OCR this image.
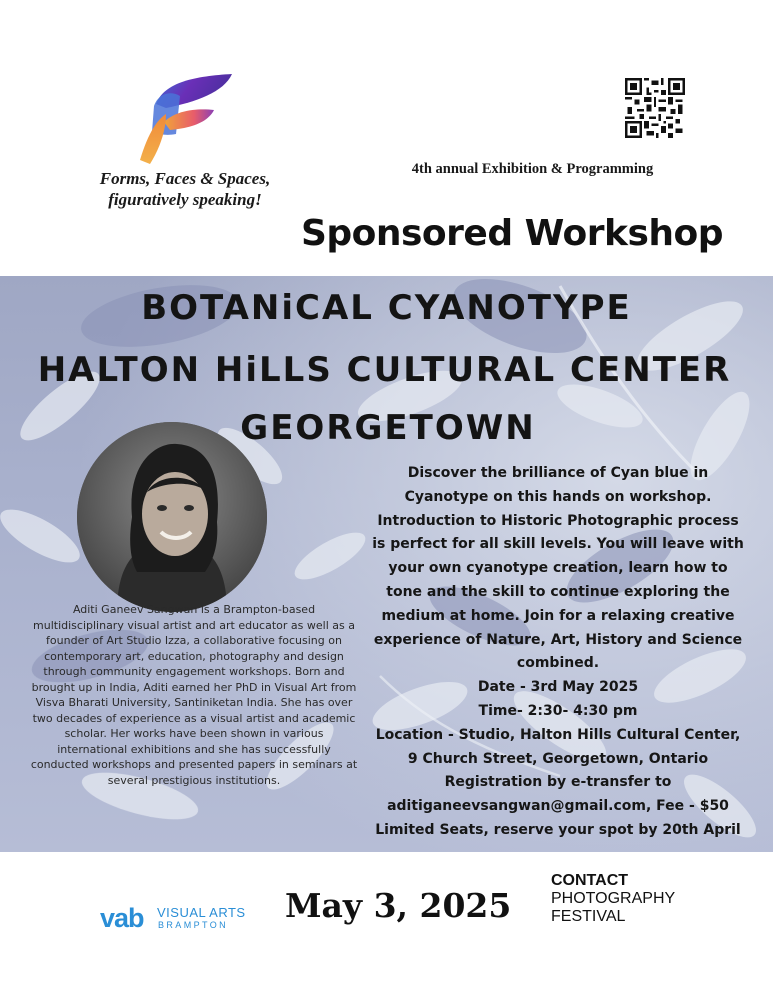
Forms, Faces & Spaces,
figuratively speaking!
4th annual Exhibition & Programming
Sponsored Workshop
BOTANiCAL CYANOTYPE
HALTON HiLLS CULTURAL CENTER
GEORGETOWN
Aditi Ganeev Sangwan is a Brampton-based multidisciplinary visual artist and art educator as well as a founder of Art Studio Izza, a collaborative focusing on contemporary art, education, photography and design through community engagement workshops. Born and brought up in India, Aditi earned her PhD in Visual Art from Visva Bharati University, Santiniketan India. She has over two decades of experience as a visual artist and academic scholar. Her works have been shown in various international exhibitions and she has successfully conducted workshops and presented papers in seminars at several prestigious institutions.
Discover the brilliance of Cyan blue in
Cyanotype on this hands on workshop.
Introduction to Historic Photographic process
is perfect for all skill levels. You will leave with
your own cyanotype creation, learn how to
tone and the skill to continue exploring the
medium at home. Join for a relaxing creative
experience of Nature, Art, History and Science
combined.
Date - 3rd May 2025
Time- 2:30- 4:30 pm
Location - Studio, Halton Hills Cultural Center,
9 Church Street, Georgetown, Ontario
Registration by e-transfer to
aditiganeevsangwan@gmail.com, Fee - $50
Limited Seats, reserve your spot by 20th April
vab VISUAL ARTS
BRAMPTON May 3, 2025
CONTACT
PHOTOGRAPHY
FESTIVAL
